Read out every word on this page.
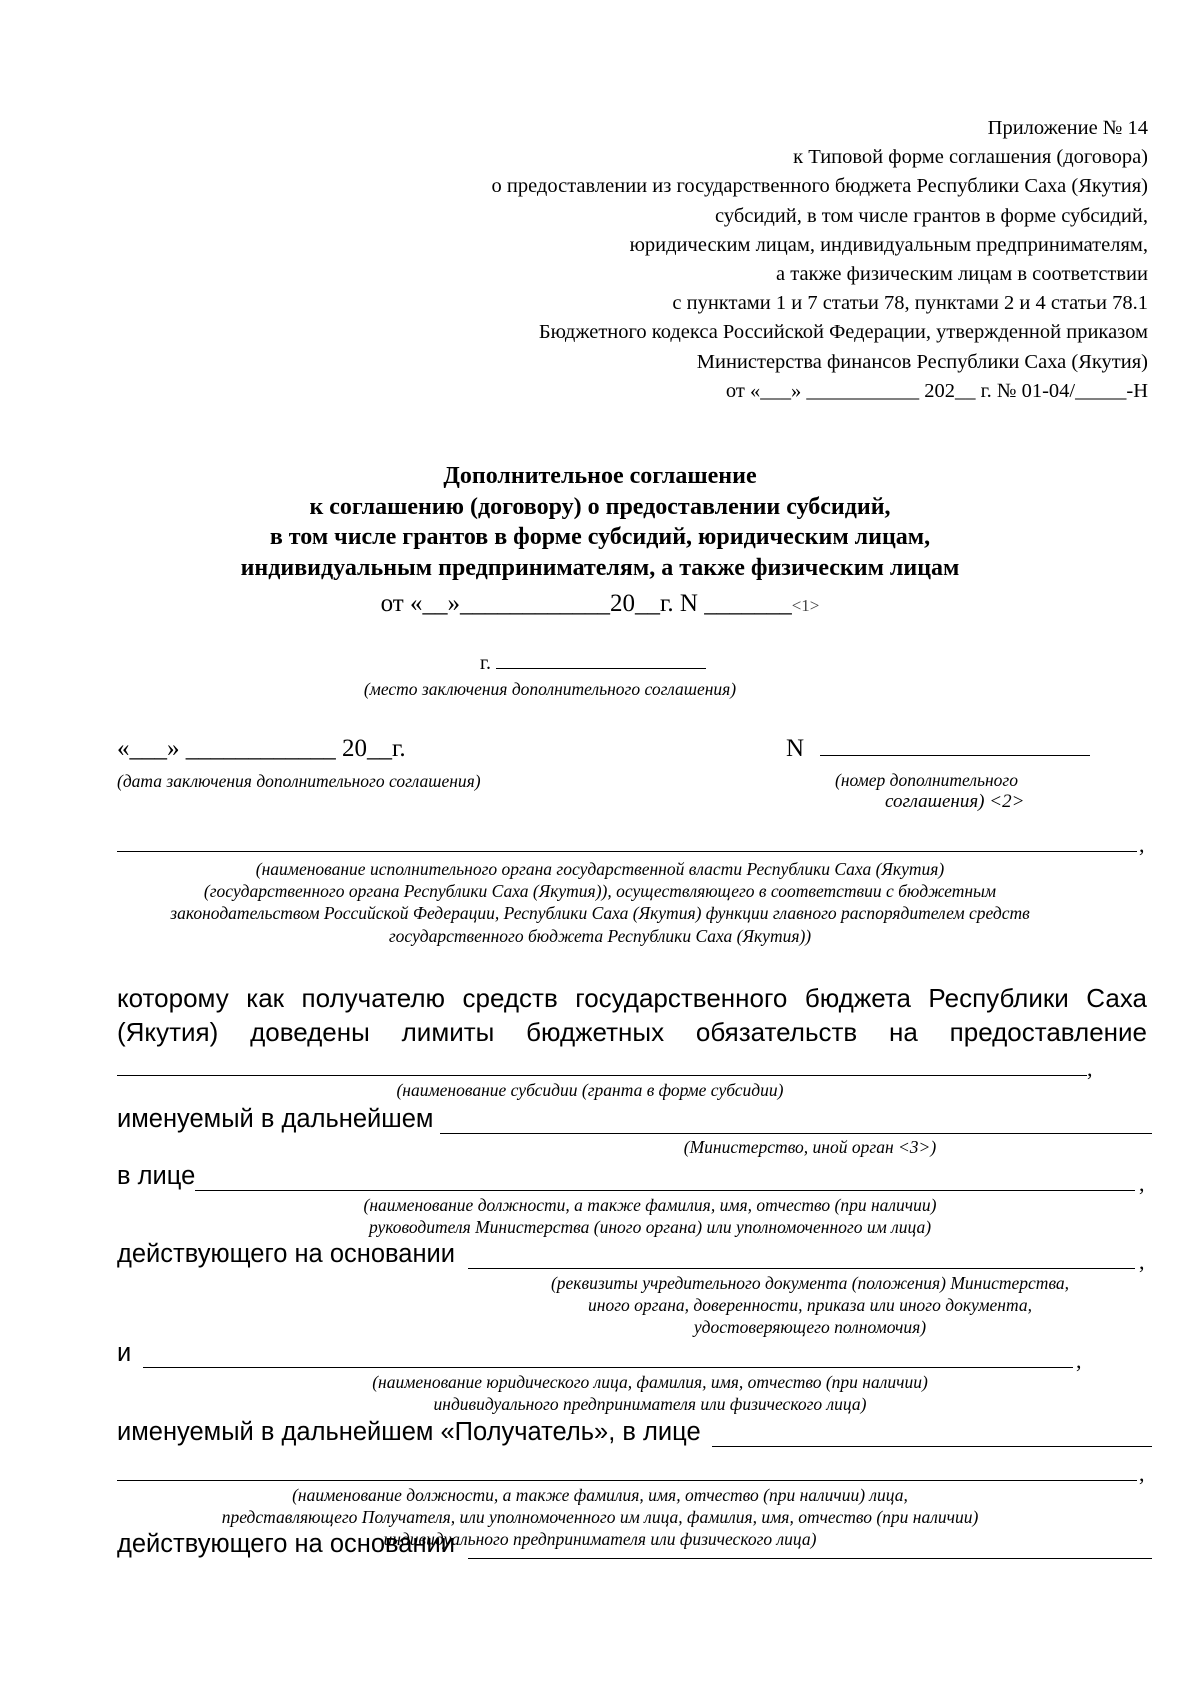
Приложение № 14
к Типовой форме соглашения (договора)
о предоставлении из государственного бюджета Республики Саха (Якутия)
субсидий, в том числе грантов в форме субсидий,
юридическим лицам, индивидуальным предпринимателям,
а также физическим лицам в соответствии
с пунктами 1 и 7 статьи 78, пунктами 2 и 4 статьи 78.1
Бюджетного кодекса Российской Федерации, утвержденной приказом
Министерства финансов Республики Саха (Якутия)
от «___» ___________ 202__ г. № 01-04/_____-Н
Дополнительное соглашение
к соглашению (договору) о предоставлении субсидий,
в том числе грантов в форме субсидий, юридическим лицам,
индивидуальным предпринимателям, а также физическим лицам
от «__»____________20__г. N _______<1>
г.
(место заключения дополнительного соглашения)
«___» ____________ 20__г.
(дата заключения дополнительного соглашения)
N
(номер дополнительного
соглашения) <2>
,
(наименование исполнительного органа государственной власти Республики Саха (Якутия)
(государственного органа Республики Саха (Якутия)), осуществляющего в соответствии с бюджетным
законодательством Российской Федерации, Республики Саха (Якутия) функции главного распорядителем средств
государственного бюджета Республики Саха (Якутия))
которому как получателю средств государственного бюджета Республики Саха (Якутия) доведены лимиты бюджетных обязательств на предоставление
,
(наименование субсидии (гранта в форме субсидии)
именуемый в дальнейшем
(Министерство, иной орган <3>)
в лице	,
(наименование должности, а также фамилия, имя, отчество (при наличии)
руководителя Министерства (иного органа) или уполномоченного им лица)
действующего на основании	,
(реквизиты учредительного документа (положения) Министерства,
иного органа, доверенности, приказа или иного документа,
удостоверяющего полномочия)
и	,
(наименование юридического лица, фамилия, имя, отчество (при наличии)
индивидуального предпринимателя или физического лица)
именуемый в дальнейшем «Получатель», в лице
,
(наименование должности, а также фамилия, имя, отчество (при наличии) лица,
представляющего Получателя, или уполномоченного им лица, фамилия, имя, отчество (при наличии)
индивидуального предпринимателя или физического лица)
действующего на основании
